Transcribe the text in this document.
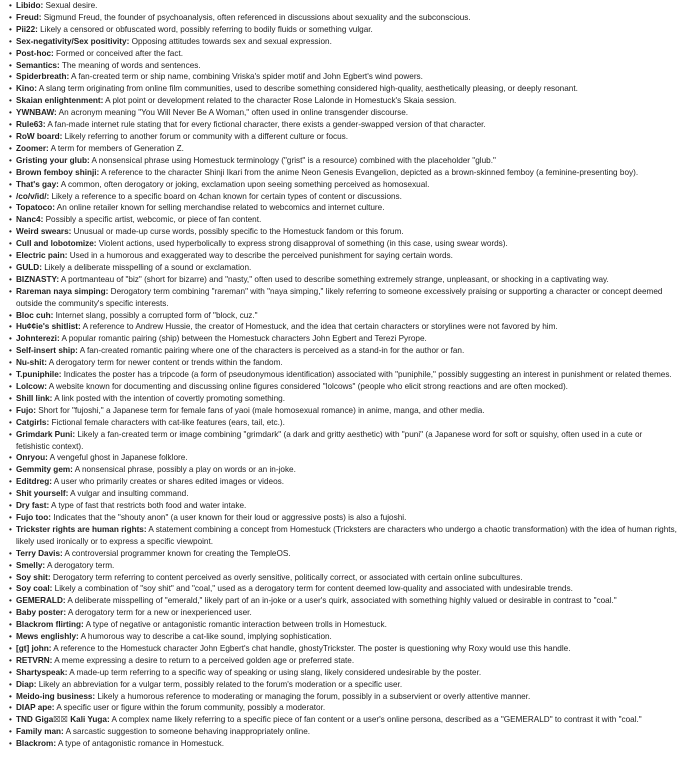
• Libido: Sexual desire.
• Freud: Sigmund Freud, the founder of psychoanalysis, often referenced in discussions about sexuality and the subconscious.
• Pii22: Likely a censored or obfuscated word, possibly referring to bodily fluids or something vulgar.
• Sex-negativity/Sex positivity: Opposing attitudes towards sex and sexual expression.
• Post-hoc: Formed or conceived after the fact.
• Semantics: The meaning of words and sentences.
• Spiderbreath: A fan-created term or ship name, combining Vriska's spider motif and John Egbert's wind powers.
• Kino: A slang term originating from online film communities, used to describe something considered high-quality, aesthetically pleasing, or deeply resonant.
• Skaian enlightenment: A plot point or development related to the character Rose Lalonde in Homestuck's Skaia session.
• YWNBAW: An acronym meaning "You Will Never Be A Woman," often used in online transgender discourse.
• Rule63: A fan-made internet rule stating that for every fictional character, there exists a gender-swapped version of that character.
• RoW board: Likely referring to another forum or community with a different culture or focus.
• Zoomer: A term for members of Generation Z.
• Gristing your glub: A nonsensical phrase using Homestuck terminology ("grist" is a resource) combined with the placeholder "glub."
• Brown femboy shinji: A reference to the character Shinji Ikari from the anime Neon Genesis Evangelion, depicted as a brown-skinned femboy (a feminine-presenting boy).
• That's gay: A common, often derogatory or joking, exclamation upon seeing something perceived as homosexual.
• /co/v/id/: Likely a reference to a specific board on 4chan known for certain types of content or discussions.
• Topatoco: An online retailer known for selling merchandise related to webcomics and internet culture.
• Nanc4: Possibly a specific artist, webcomic, or piece of fan content.
• Weird swears: Unusual or made-up curse words, possibly specific to the Homestuck fandom or this forum.
• Cull and lobotomize: Violent actions, used hyperbolically to express strong disapproval of something (in this case, using swear words).
• Electric pain: Used in a humorous and exaggerated way to describe the perceived punishment for saying certain words.
• GULD: Likely a deliberate misspelling of a sound or exclamation.
• BIZNASTY: A portmanteau of "biz" (short for bizarre) and "nasty," often used to describe something extremely strange, unpleasant, or shocking in a captivating way.
• Rareman naya simping: Derogatory term combining "rareman" with "naya simping," likely referring to someone excessively praising or supporting a character or concept deemed outside the community's specific interests.
• Bloc cuh: Internet slang, possibly a corrupted form of "block, cuz."
• Hu¢¢ie's shitlist: A reference to Andrew Hussie, the creator of Homestuck, and the idea that certain characters or storylines were not favored by him.
• Johnterezi: A popular romantic pairing (ship) between the Homestuck characters John Egbert and Terezi Pyrope.
• Self-insert ship: A fan-created romantic pairing where one of the characters is perceived as a stand-in for the author or fan.
• Nu-shit: A derogatory term for newer content or trends within the fandom.
• T.puniphile: Indicates the poster has a tripcode (a form of pseudonymous identification) associated with "puniphile," possibly suggesting an interest in punishment or related themes.
• Lolcow: A website known for documenting and discussing online figures considered "lolcows" (people who elicit strong reactions and are often mocked).
• Shill link: A link posted with the intention of covertly promoting something.
• Fujo: Short for "fujoshi," a Japanese term for female fans of yaoi (male homosexual romance) in anime, manga, and other media.
• Catgirls: Fictional female characters with cat-like features (ears, tail, etc.).
• Grimdark Puni: Likely a fan-created term or image combining "grimdark" (a dark and gritty aesthetic) with "puni" (a Japanese word for soft or squishy, often used in a cute or fetishistic context).
• Onryou: A vengeful ghost in Japanese folklore.
• Gemmity gem: A nonsensical phrase, possibly a play on words or an in-joke.
• Editdreg: A user who primarily creates or shares edited images or videos.
• Shit yourself: A vulgar and insulting command.
• Dry fast: A type of fast that restricts both food and water intake.
• Fujo too: Indicates that the "shouty anon" (a user known for their loud or aggressive posts) is also a fujoshi.
• Trickster rights are human rights: A statement combining a concept from Homestuck (Tricksters are characters who undergo a chaotic transformation) with the idea of human rights, likely used ironically or to express a specific viewpoint.
• Terry Davis: A controversial programmer known for creating the TempleOS.
• Smelly: A derogatory term.
• Soy shit: Derogatory term referring to content perceived as overly sensitive, politically correct, or associated with certain online subcultures.
• Soy coal: Likely a combination of "soy shit" and "coal," used as a derogatory term for content deemed low-quality and associated with undesirable trends.
• GEMERALD: A deliberate misspelling of "emerald," likely part of an in-joke or a user's quirk, associated with something highly valued or desirable in contrast to "coal."
• Baby poster: A derogatory term for a new or inexperienced user.
• Blackrom flirting: A type of negative or antagonistic romantic interaction between trolls in Homestuck.
• Mews englishly: A humorous way to describe a cat-like sound, implying sophistication.
• [gt] john: A reference to the Homestuck character John Egbert's chat handle, ghostyTrickster. The poster is questioning why Roxy would use this handle.
• RETVRN: A meme expressing a desire to return to a perceived golden age or preferred state.
• Shartyspeak: A made-up term referring to a specific way of speaking or using slang, likely considered undesirable by the poster.
• Diap: Likely an abbreviation for a vulgar term, possibly related to the forum's moderation or a specific user.
• Meido-ing business: Likely a humorous reference to moderating or managing the forum, possibly in a subservient or overly attentive manner.
• DIAP ape: A specific user or figure within the forum community, possibly a moderator.
• TND Giga☒☒ Kali Yuga: A complex name likely referring to a specific piece of fan content or a user's online persona, described as a "GEMERALD" to contrast it with "coal."
• Family man: A sarcastic suggestion to someone behaving inappropriately online.
• Blackrom: A type of antagonistic romance in Homestuck.
